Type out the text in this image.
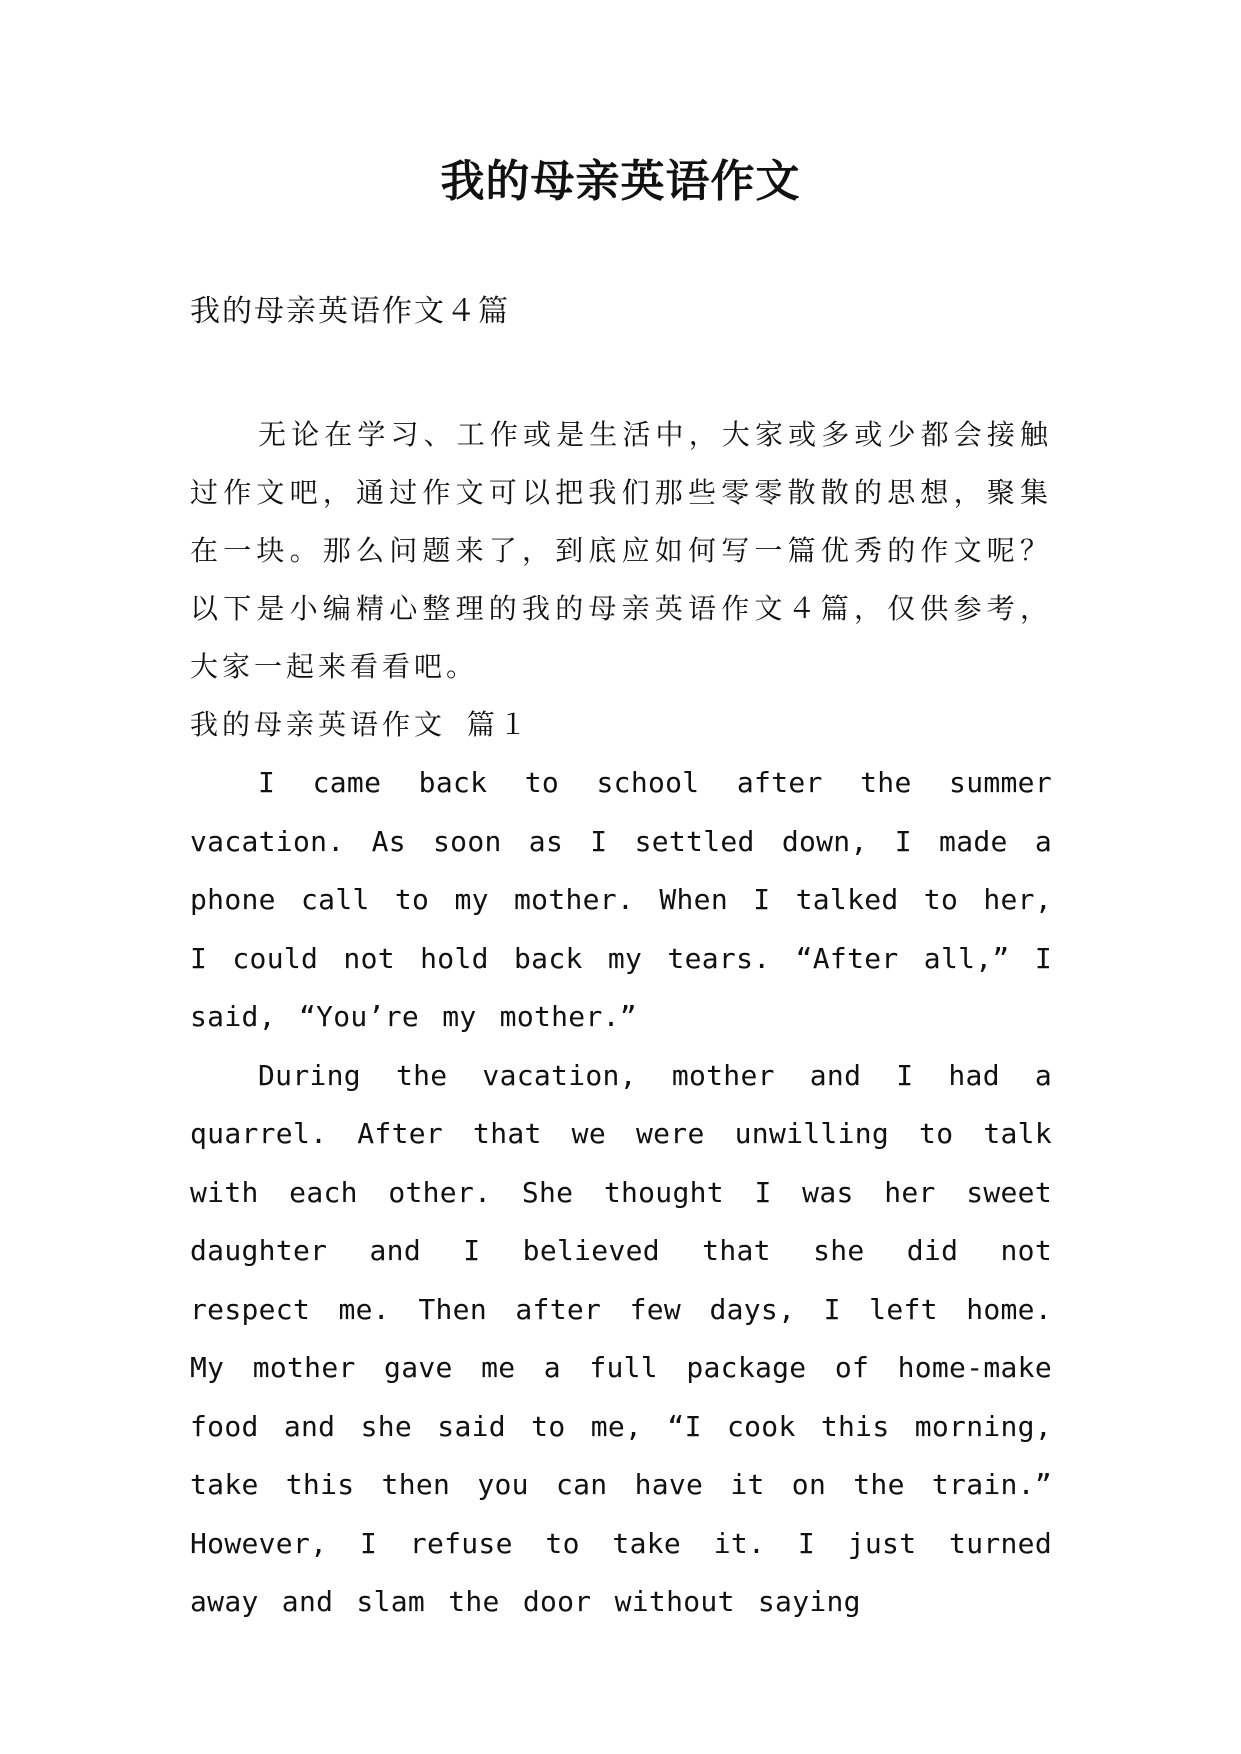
我的母亲英语作文
我的母亲英语作文４篇

无论在学习、工作或是生活中，大家或多或少都会接触过作文吧，通过作文可以把我们那些零零散散的思想，聚集在一块。那么问题来了，到底应如何写一篇优秀的作文呢？以下是小编精心整理的我的母亲英语作文４篇，仅供参考，大家一起来看看吧。

我的母亲英语作文 篇１

I came back to school after the summer vacation. As soon as I settled down, I made a phone call to my mother. When I talked to her, I could not hold back my tears. “After all,” I said, “You’re my mother.”

During the vacation, mother and I had a quarrel. After that we were unwilling to talk with each other. She thought I was her sweet daughter and I believed that she did not respect me. Then after few days, I left home. My mother gave me a full package of home-make food and she said to me, “I cook this morning, take this then you can have it on the train.” However, I refuse to take it. I just turned away and slam the door without saying
